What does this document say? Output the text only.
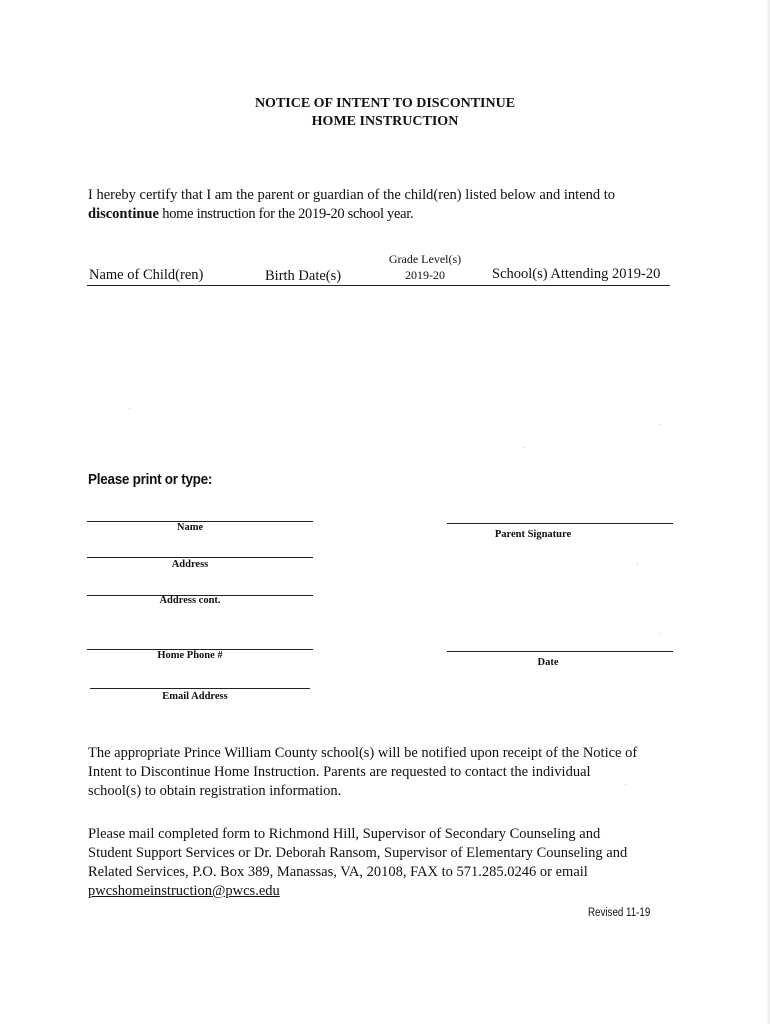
NOTICE OF INTENT TO DISCONTINUE
HOME INSTRUCTION
I hereby certify that I am the parent or guardian of the child(ren) listed below and intend to
discontinue home instruction for the 2019-20 school year.
Grade Level(s)
2019-20
Name of Child(ren)	Birth Date(s)	School(s) Attending 2019-20
Please print or type:
Name
Address
Address cont.
Home Phone #
Email Address
Parent Signature
Date
The appropriate Prince William County school(s) will be notified upon receipt of the Notice of
Intent to Discontinue Home Instruction. Parents are requested to contact the individual
school(s) to obtain registration information.
Please mail completed form to Richmond Hill, Supervisor of Secondary Counseling and
Student Support Services or Dr. Deborah Ransom, Supervisor of Elementary Counseling and
Related Services, P.O. Box 389, Manassas, VA, 20108, FAX to 571.285.0246 or email
pwcshomeinstruction@pwcs.edu
Revised 11-19
